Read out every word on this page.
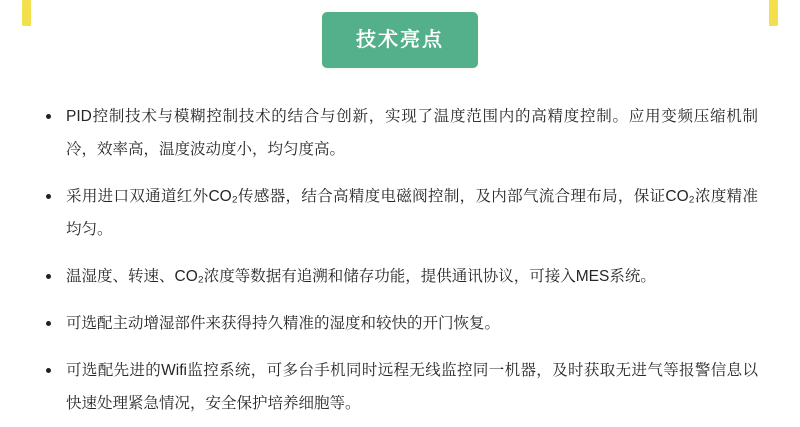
技术亮点
PID控制技术与模糊控制技术的结合与创新，实现了温度范围内的高精度控制。应用变频压缩机制冷，效率高，温度波动度小，均匀度高。
采用进口双通道红外CO₂传感器，结合高精度电磁阀控制，及内部气流合理布局，保证CO₂浓度精准均匀。
温湿度、转速、CO₂浓度等数据有追溯和储存功能，提供通讯协议，可接入MES系统。
可选配主动增湿部件来获得持久精准的湿度和较快的开门恢复。
可选配先进的Wifi监控系统，可多台手机同时远程无线监控同一机器，及时获取无进气等报警信息以快速处理紧急情况，安全保护培养细胞等。
